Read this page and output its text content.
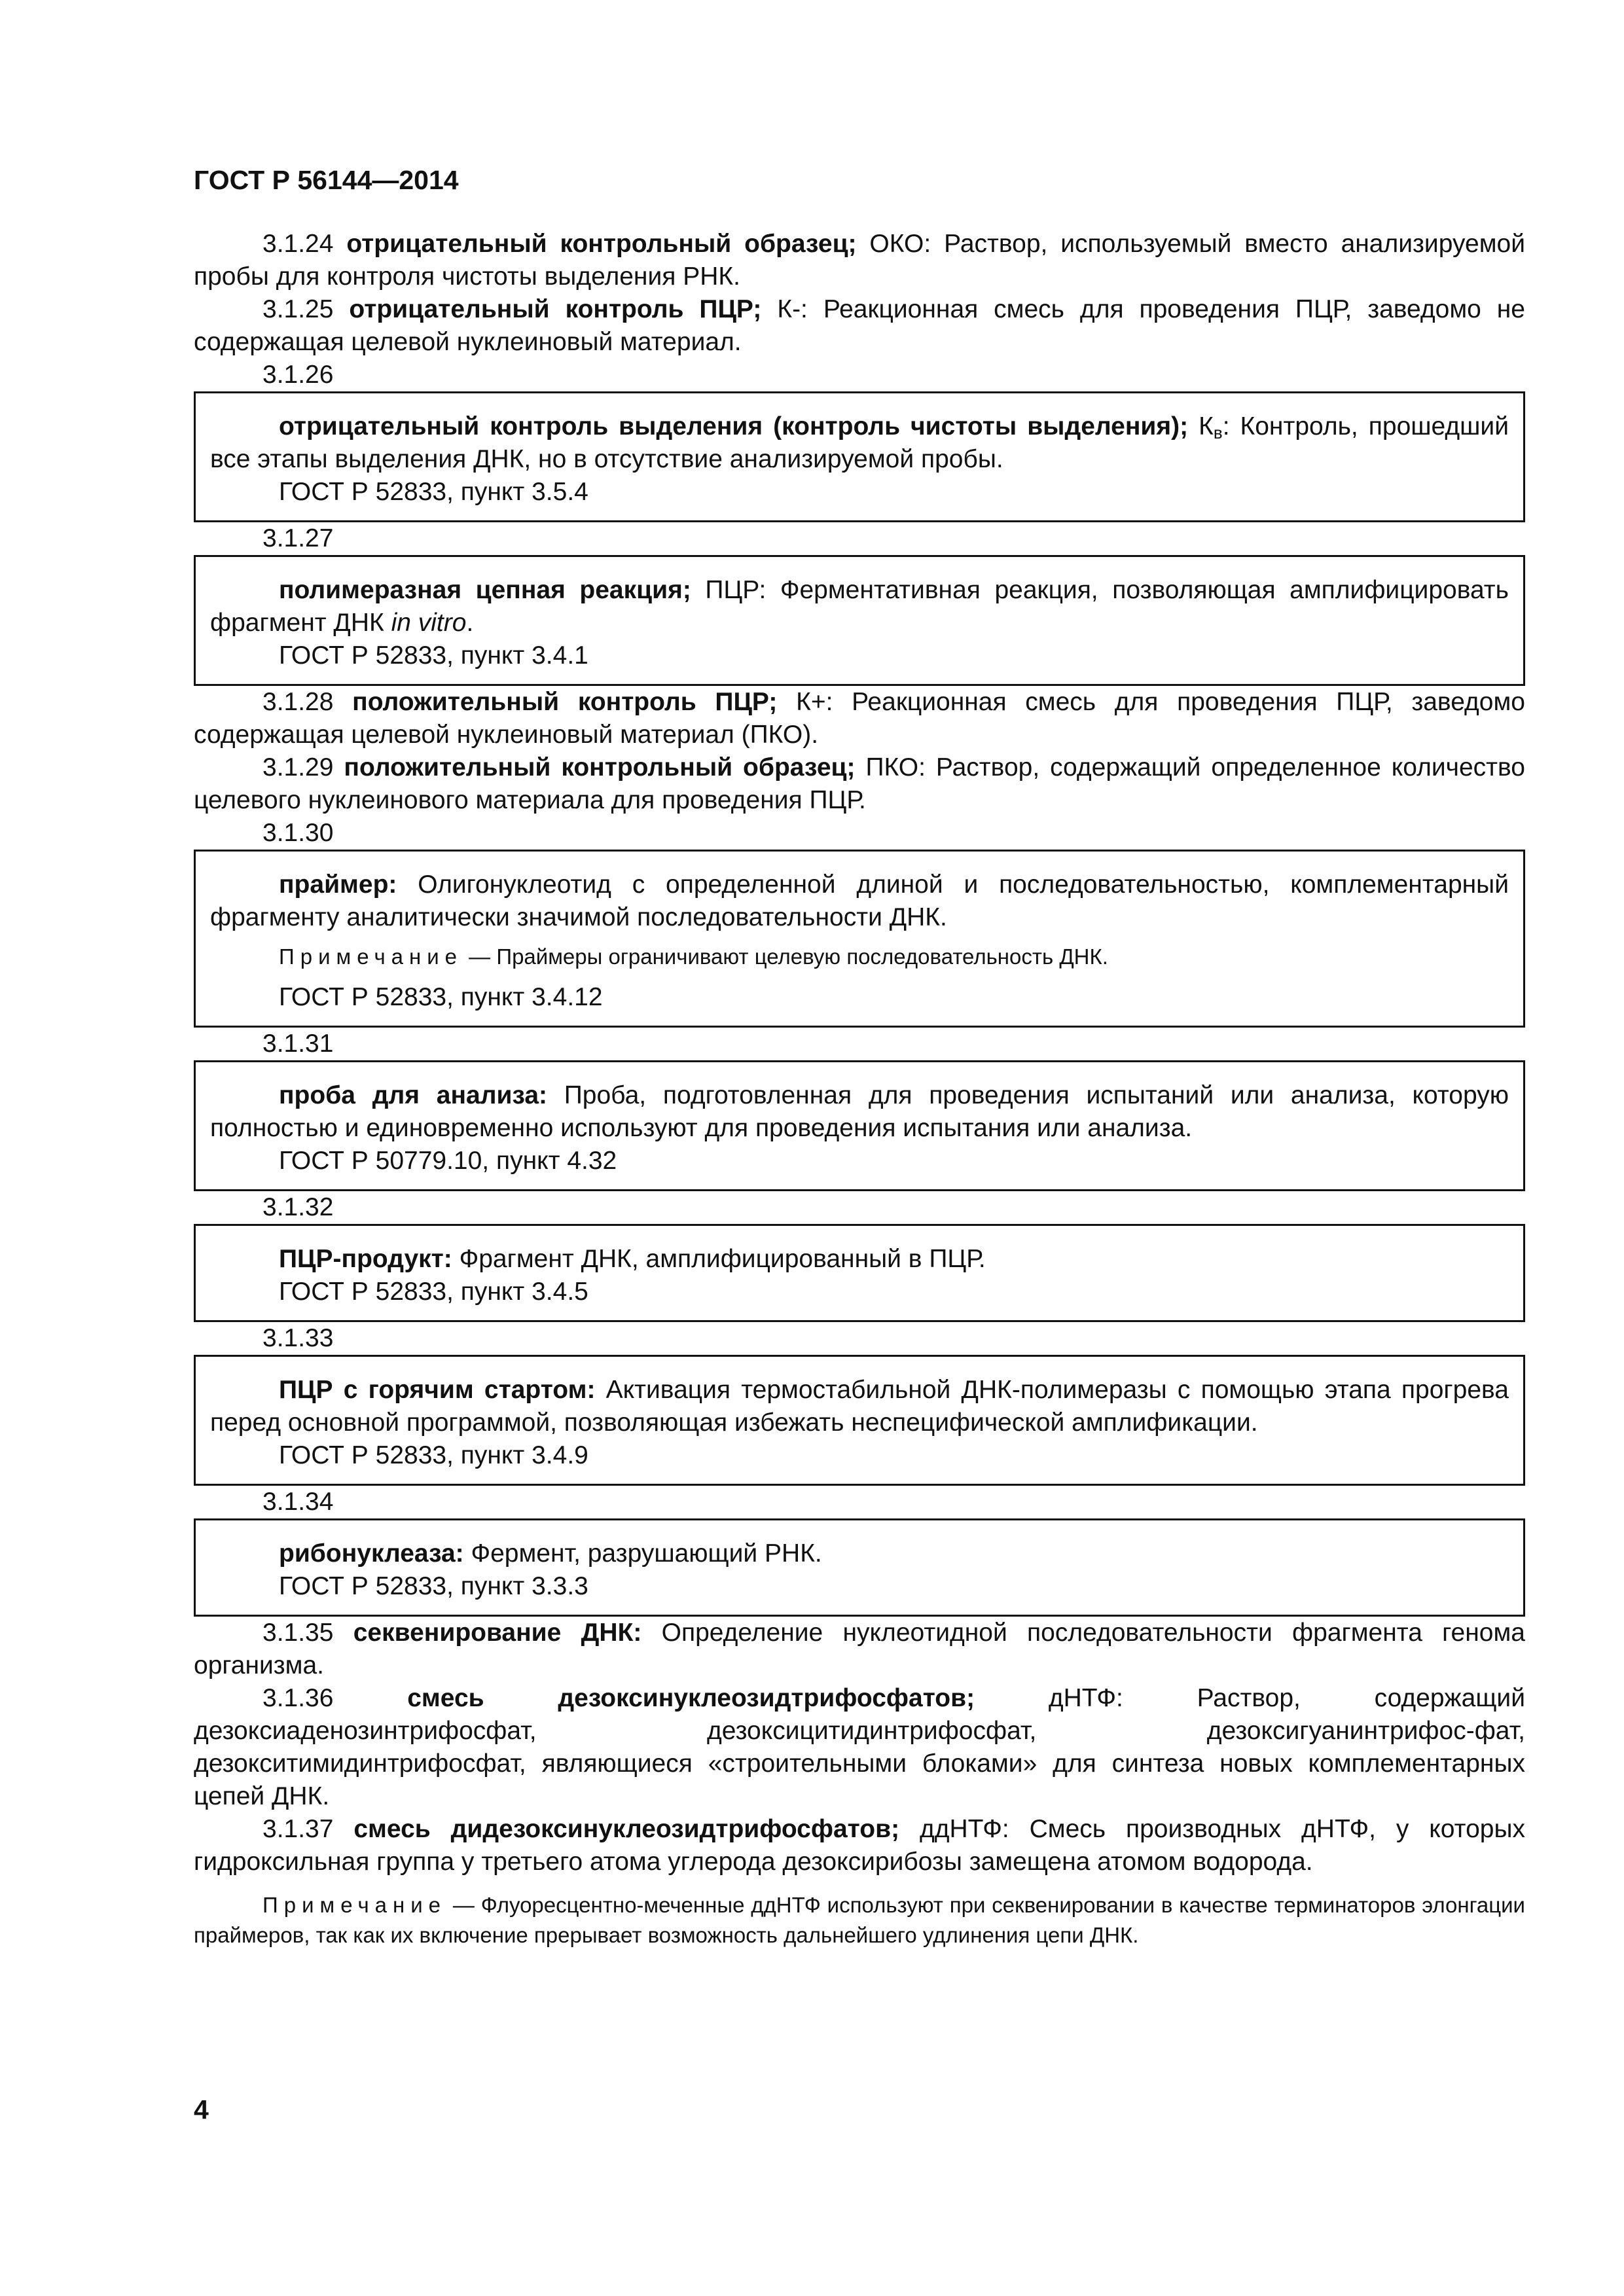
ГОСТ Р 56144—2014

3.1.24 отрицательный контрольный образец; ОКО: Раствор, используемый вместо анализируемой пробы для контроля чистоты выделения РНК.

3.1.25 отрицательный контроль ПЦР; К-: Реакционная смесь для проведения ПЦР, заведомо не содержащая целевой нуклеиновый материал.

3.1.26

отрицательный контроль выделения (контроль чистоты выделения); $К_в$: Контроль, прошедший все этапы выделения ДНК, но в отсутствие анализируемой пробы.

ГОСТ Р 52833, пункт 3.5.4

3.1.27

полимеразная цепная реакция; ПЦР: Ферментативная реакция, позволяющая амплифицировать фрагмент ДНК in vitro.

ГОСТ Р 52833, пункт 3.4.1

3.1.28 положительный контроль ПЦР; К+: Реакционная смесь для проведения ПЦР, заведомо содержащая целевой нуклеиновый материал (ПКО).

3.1.29 положительный контрольный образец; ПКО: Раствор, содержащий определенное количество целевого нуклеинового материала для проведения ПЦР.

3.1.30

праймер: Олигонуклеотид с определенной длиной и последовательностью, комплементарный фрагменту аналитически значимой последовательности ДНК.

Примечание — Праймеры ограничивают целевую последовательность ДНК.

ГОСТ Р 52833, пункт 3.4.12

3.1.31

проба для анализа: Проба, подготовленная для проведения испытаний или анализа, которую полностью и единовременно используют для проведения испытания или анализа.

ГОСТ Р 50779.10, пункт 4.32

3.1.32

ПЦР-продукт: Фрагмент ДНК, амплифицированный в ПЦР.

ГОСТ Р 52833, пункт 3.4.5

3.1.33

ПЦР с горячим стартом: Активация термостабильной ДНК-полимеразы с помощью этапа прогрева перед основной программой, позволяющая избежать неспецифической амплификации.

ГОСТ Р 52833, пункт 3.4.9

3.1.34

рибонуклеаза: Фермент, разрушающий РНК.

ГОСТ Р 52833, пункт 3.3.3

3.1.35 секвенирование ДНК: Определение нуклеотидной последовательности фрагмента генома организма.

3.1.36	смесь дезоксинуклеозидтрифосфатов; дНТФ: Раствор, содержащий дезоксиаденозинтрифосфат, дезоксицитидинтрифосфат, дезоксигуанинтрифос-фат, дезокситимидинтрифосфат, являющиеся «строительными блоками» для синтеза новых комплементарных цепей ДНК.

3.1.37 смесь дидезоксинуклеозидтрифосфатов; ддНТФ: Смесь производных дНТФ, у которых гидроксильная группа у третьего атома углерода дезоксирибозы замещена атомом водорода.

Примечание — Флуоресцентно-меченные ддНТФ используют при секвенировании в качестве терминаторов элонгации праймеров, так как их включение прерывает возможность дальнейшего удлинения цепи ДНК.

4
